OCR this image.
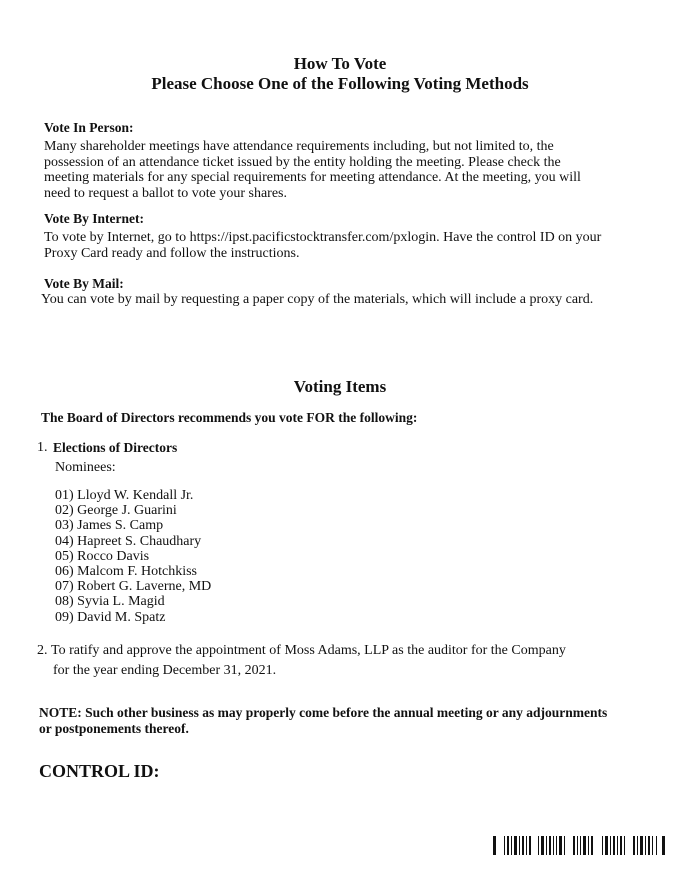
How To Vote
Please Choose One of the Following Voting Methods
Vote In Person:
Many shareholder meetings have attendance requirements including, but not limited to, the
possession of an attendance ticket issued by the entity holding the meeting. Please check the
meeting materials for any special requirements for meeting attendance. At the meeting, you will
need to request a ballot to vote your shares.
Vote By Internet:
To vote by Internet, go to https://ipst.pacificstocktransfer.com/pxlogin. Have the control ID on your
Proxy Card ready and follow the instructions.
Vote By Mail:
You can vote by mail by requesting a paper copy of the materials, which will include a proxy card.
Voting Items
The Board of Directors recommends you vote FOR the following:
1. Elections of Directors
Nominees:
01) Lloyd W. Kendall Jr.
02) George J. Guarini
03) James S. Camp
04) Hapreet S. Chaudhary
05) Rocco Davis
06) Malcom F. Hotchkiss
07) Robert G. Laverne, MD
08) Syvia L. Magid
09) David M. Spatz
2. To ratify and approve the appointment of Moss Adams, LLP as the auditor for the Company
for the year ending December 31, 2021.
NOTE: Such other business as may properly come before the annual meeting or any adjournments
or postponements thereof.
CONTROL ID:
